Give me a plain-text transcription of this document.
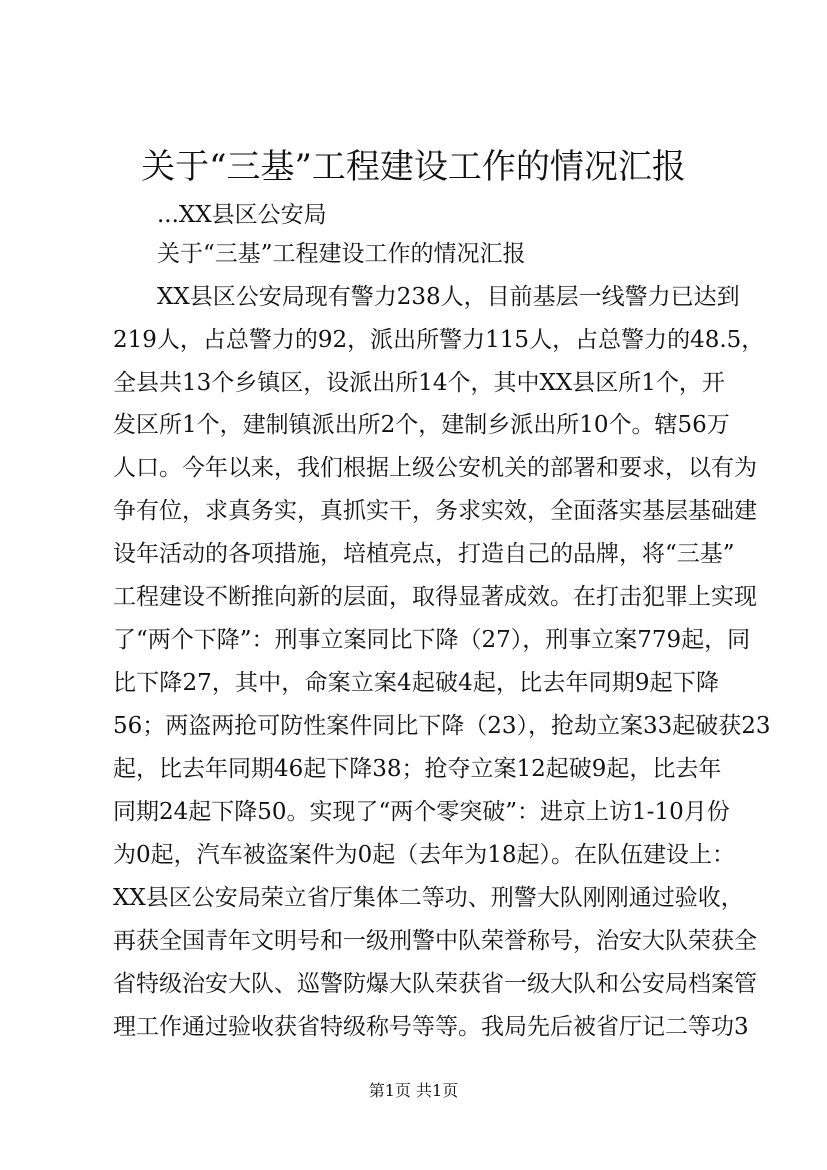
关于“三基”工程建设工作的情况汇报
...XX县区公安局
关于“三基”工程建设工作的情况汇报
XX县区公安局现有警力238人，目前基层一线警力已达到
219人，占总警力的92，派出所警力115人，占总警力的48.5，
全县共13个乡镇区，设派出所14个，其中XX县区所1个，开
发区所1个，建制镇派出所2个，建制乡派出所10个。辖56万
人口。今年以来，我们根据上级公安机关的部署和要求，以有为
争有位，求真务实，真抓实干，务求实效，全面落实基层基础建
设年活动的各项措施，培植亮点，打造自己的品牌，将“三基”
工程建设不断推向新的层面，取得显著成效。在打击犯罪上实现
了“两个下降”：刑事立案同比下降（27），刑事立案779起，同
比下降27，其中，命案立案4起破4起，比去年同期9起下降
56；两盗两抢可防性案件同比下降（23），抢劫立案33起破获23
起，比去年同期46起下降38；抢夺立案12起破9起，比去年
同期24起下降50。实现了“两个零突破”：进京上访1-10月份
为0起，汽车被盗案件为0起（去年为18起）。在队伍建设上：
XX县区公安局荣立省厅集体二等功、刑警大队刚刚通过验收，
再获全国青年文明号和一级刑警中队荣誉称号，治安大队荣获全
省特级治安大队、巡警防爆大队荣获省一级大队和公安局档案管
理工作通过验收获省特级称号等等。我局先后被省厅记二等功3
第1页 共1页
